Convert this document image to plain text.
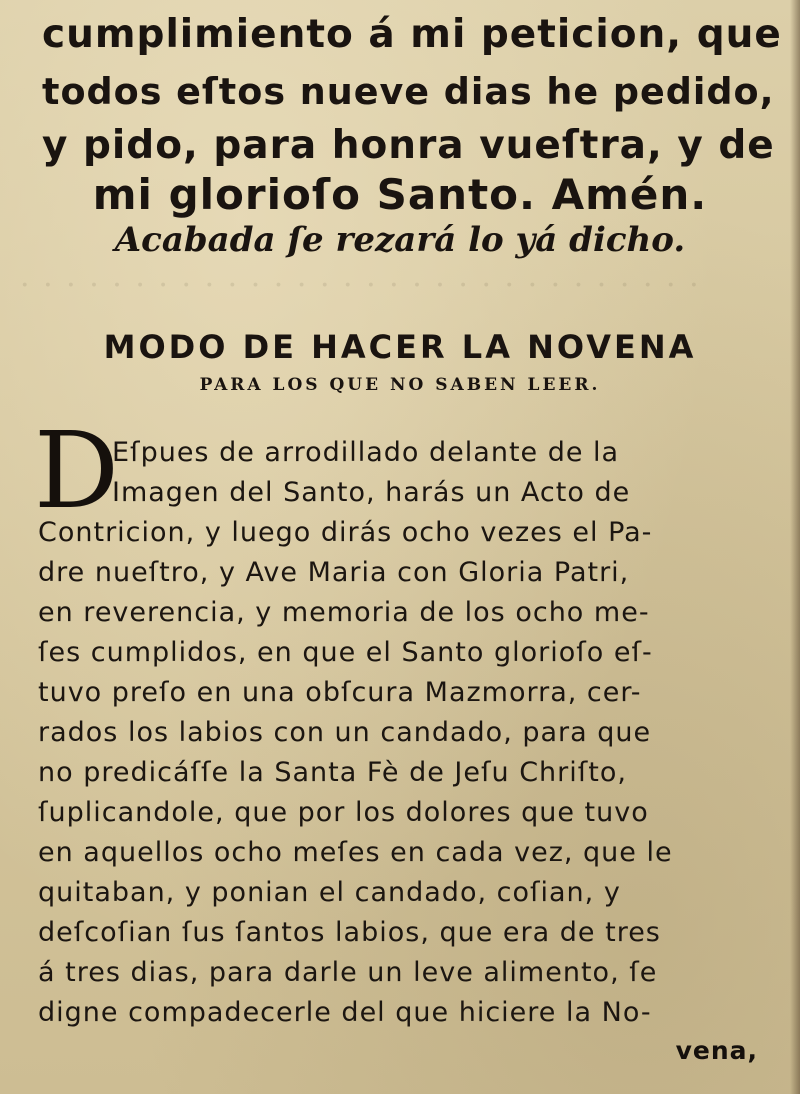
cumplimiento á mi peticion, que
todos eſtos nueve dias he pedido,
y pido, para honra vueſtra, y de
mi glorioſo Santo. Amén.
Acabada ſe rezará lo yá dicho.
· · · · · · · · · · · · · · · · · · · · · · · · · · · · · ·
MODO DE HACER LA NOVENA
PARA LOS QUE NO SABEN LEER.
D
Eſpues de arrodillado delante de la
Imagen del Santo, harás un Acto de
Contricion, y luego dirás ocho vezes el Pa-
dre nueſtro, y Ave Maria con Gloria Patri,
en reverencia, y memoria de los ocho me-
ſes cumplidos, en que el Santo glorioſo eſ-
tuvo preſo en una obſcura Mazmorra, cer-
rados los labios con un candado, para que
no predicáſſe la Santa Fè de Jeſu Chriſto,
ſuplicandole, que por los dolores que tuvo
en aquellos ocho meſes en cada vez, que le
quitaban, y ponian el candado, coſian, y
deſcoſian ſus ſantos labios, que era de tres
á tres dias, para darle un leve alimento, ſe
digne compadecerle del que hiciere la No-
vena,
